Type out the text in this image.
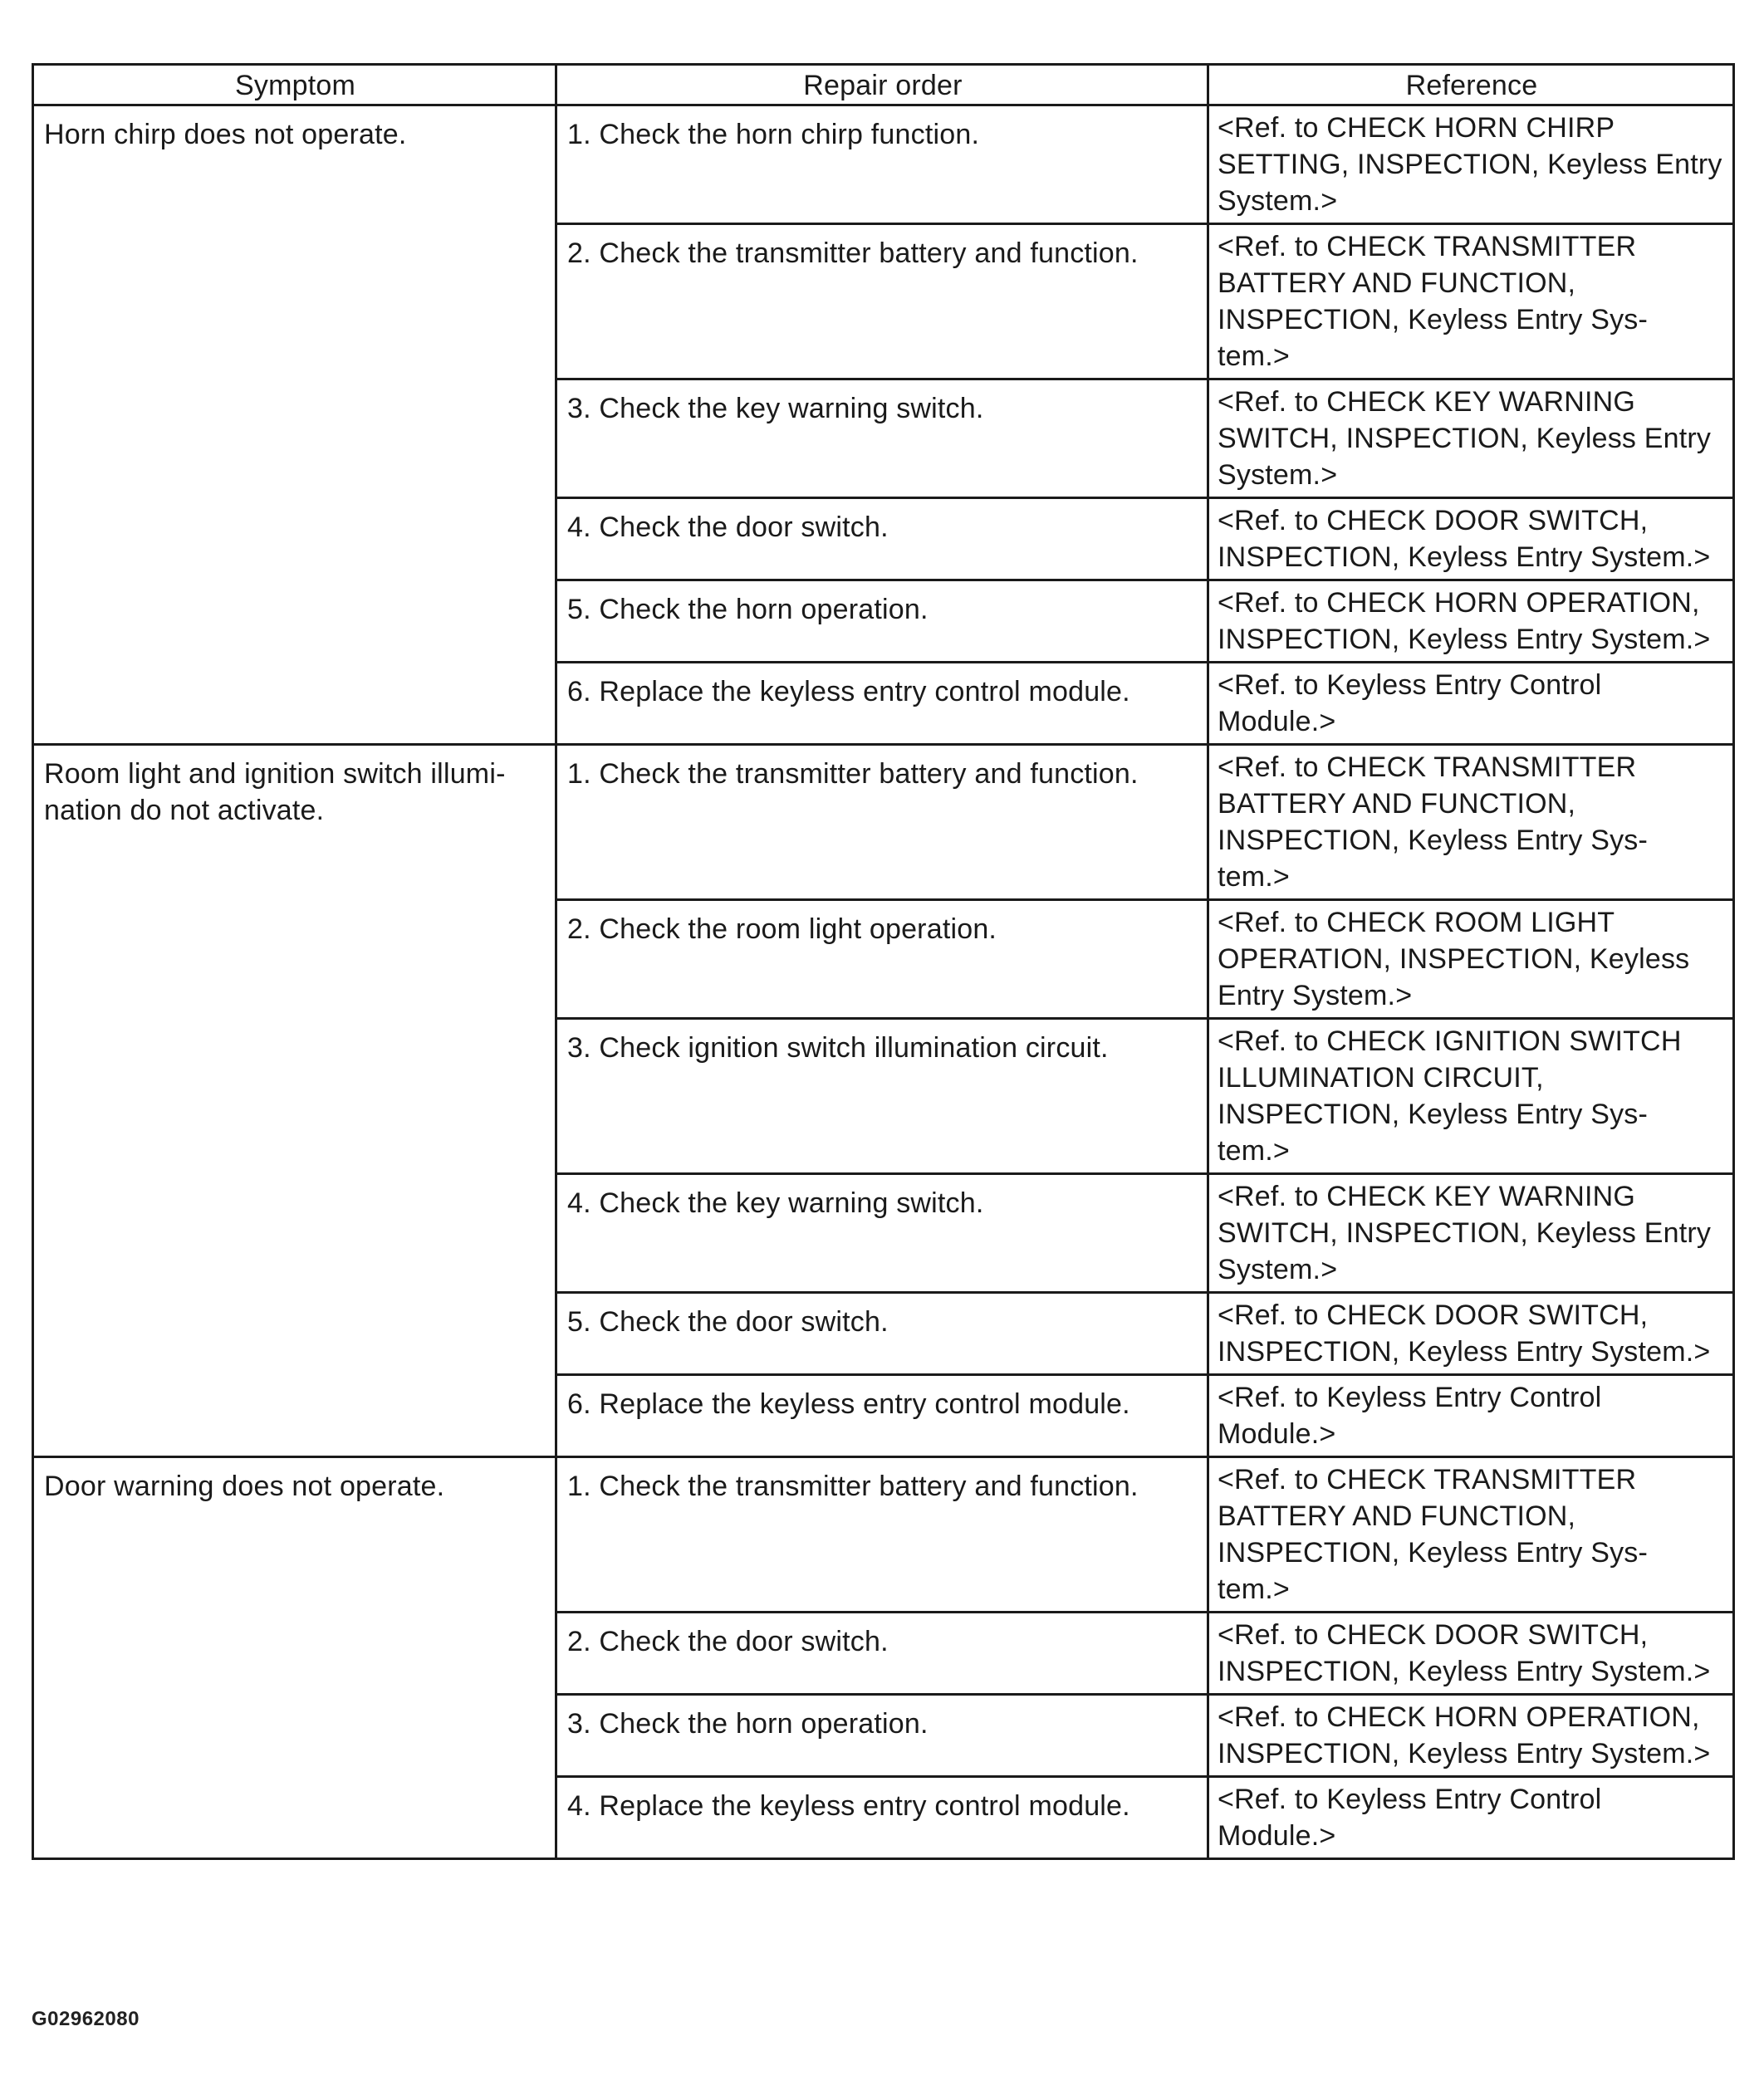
Symptom	Repair order	Reference
Horn chirp does not operate.	1. Check the horn chirp function.	<Ref. to CHECK HORN CHIRP SETTING, INSPECTION, Keyless Entry System.>
	2. Check the transmitter battery and function.	<Ref. to CHECK TRANSMITTER BATTERY AND FUNCTION, INSPECTION, Keyless Entry Sys- tem.>
	3. Check the key warning switch.	<Ref. to CHECK KEY WARNING SWITCH, INSPECTION, Keyless Entry System.>
	4. Check the door switch.	<Ref. to CHECK DOOR SWITCH, INSPECTION, Keyless Entry System.>
	5. Check the horn operation.	<Ref. to CHECK HORN OPERATION, INSPECTION, Keyless Entry System.>
	6. Replace the keyless entry control module.	<Ref. to Keyless Entry Control Module.>
Room light and ignition switch illumi- nation do not activate.	1. Check the transmitter battery and function.	<Ref. to CHECK TRANSMITTER BATTERY AND FUNCTION, INSPECTION, Keyless Entry Sys- tem.>
	2. Check the room light operation.	<Ref. to CHECK ROOM LIGHT OPERATION, INSPECTION, Keyless Entry System.>
	3. Check ignition switch illumination circuit.	<Ref. to CHECK IGNITION SWITCH ILLUMINATION CIRCUIT, INSPECTION, Keyless Entry Sys- tem.>
	4. Check the key warning switch.	<Ref. to CHECK KEY WARNING SWITCH, INSPECTION, Keyless Entry System.>
	5. Check the door switch.	<Ref. to CHECK DOOR SWITCH, INSPECTION, Keyless Entry System.>
	6. Replace the keyless entry control module.	<Ref. to Keyless Entry Control Module.>
Door warning does not operate.	1. Check the transmitter battery and function.	<Ref. to CHECK TRANSMITTER BATTERY AND FUNCTION, INSPECTION, Keyless Entry Sys- tem.>
	2. Check the door switch.	<Ref. to CHECK DOOR SWITCH, INSPECTION, Keyless Entry System.>
	3. Check the horn operation.	<Ref. to CHECK HORN OPERATION, INSPECTION, Keyless Entry System.>
	4. Replace the keyless entry control module.	<Ref. to Keyless Entry Control Module.>
G02962080
